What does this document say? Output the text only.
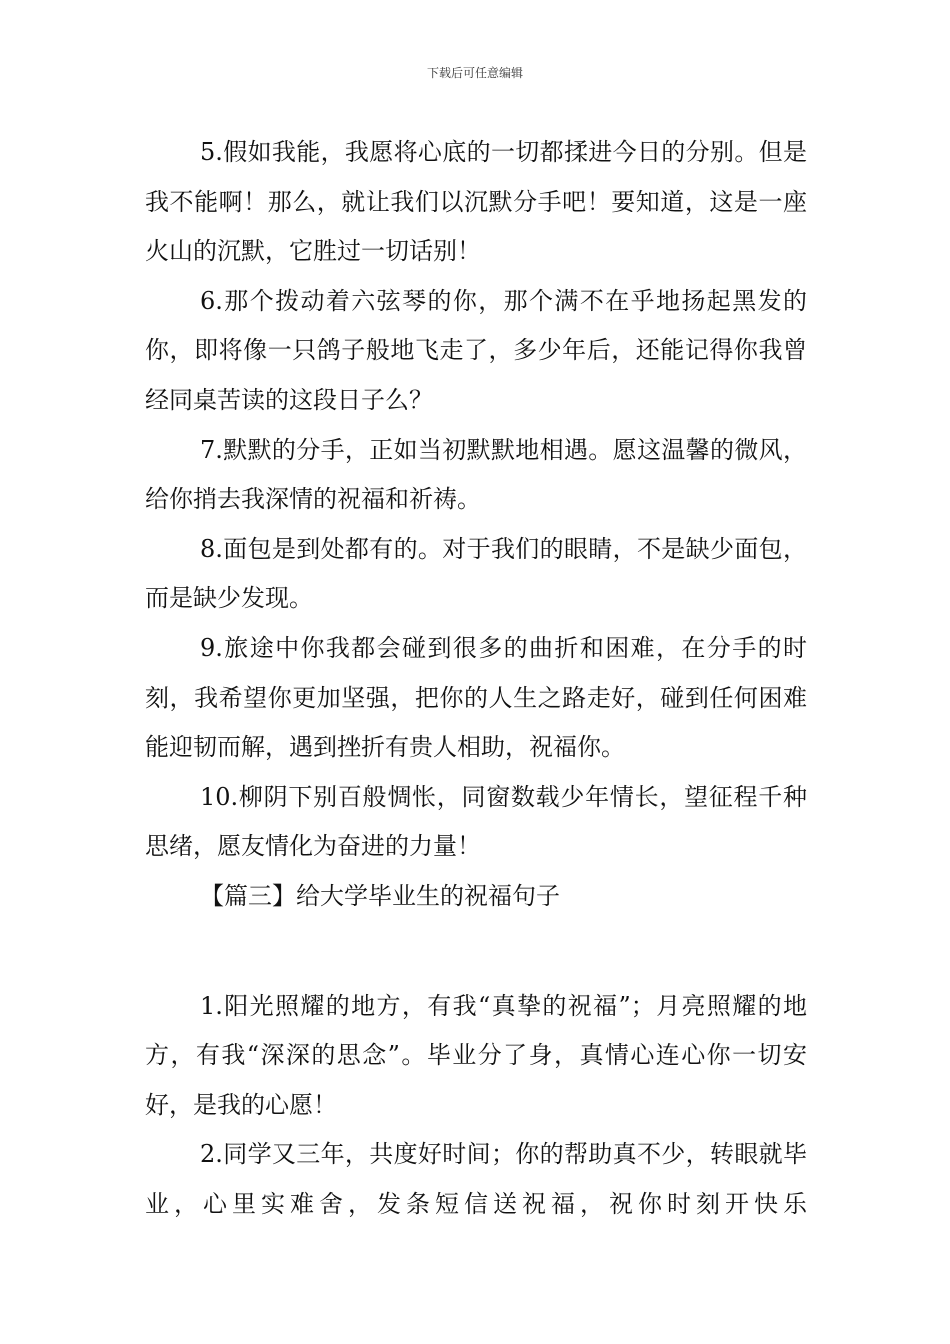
下载后可任意编辑

5.假如我能，我愿将心底的一切都揉进今日的分别。但是我不能啊！那么，就让我们以沉默分手吧！要知道，这是一座火山的沉默，它胜过一切话别！

6.那个拨动着六弦琴的你，那个满不在乎地扬起黑发的你，即将像一只鸽子般地飞走了，多少年后，还能记得你我曾经同桌苦读的这段日子么？

7.默默的分手，正如当初默默地相遇。愿这温馨的微风，给你捎去我深情的祝福和祈祷。

8.面包是到处都有的。对于我们的眼睛，不是缺少面包，而是缺少发现。

9.旅途中你我都会碰到很多的曲折和困难，在分手的时刻，我希望你更加坚强，把你的人生之路走好，碰到任何困难能迎韧而解，遇到挫折有贵人相助，祝福你。

10.柳阴下别百般惆怅，同窗数载少年情长，望征程千种思绪，愿友情化为奋进的力量！

【篇三】给大学毕业生的祝福句子

1.阳光照耀的地方，有我“真挚的祝福”；月亮照耀的地方，有我“深深的思念”。毕业分了身，真情心连心你一切安好，是我的心愿！

2.同学又三年，共度好时间；你的帮助真不少，转眼就毕业，心里实难舍，发条短信送祝福，祝你时刻开快乐
